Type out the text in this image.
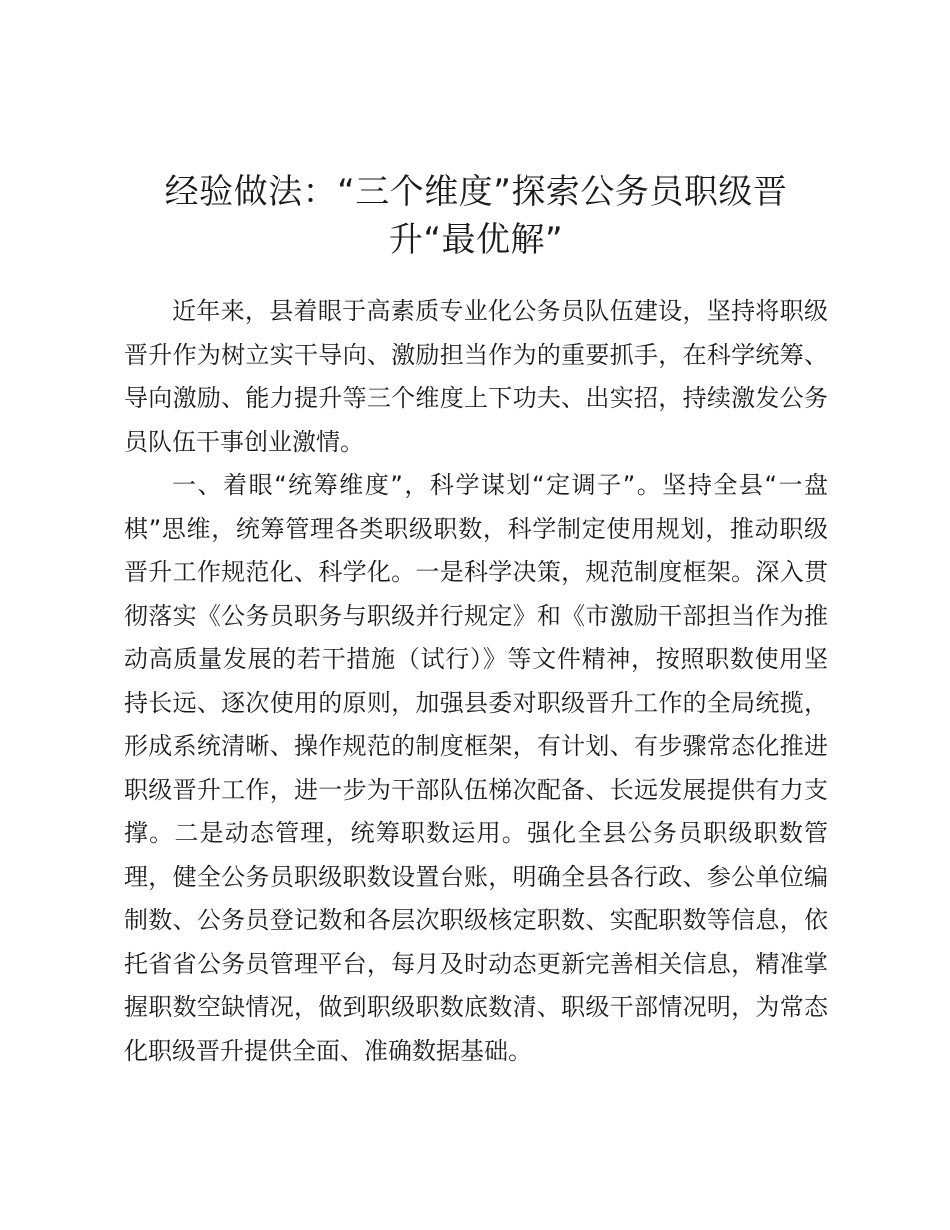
经验做法：“三个维度”探索公务员职级晋升“最优解”

近年来，县着眼于高素质专业化公务员队伍建设，坚持将职级晋升作为树立实干导向、激励担当作为的重要抓手，在科学统筹、导向激励、能力提升等三个维度上下功夫、出实招，持续激发公务员队伍干事创业激情。

一、着眼“统筹维度”，科学谋划“定调子”。坚持全县“一盘棋”思维，统筹管理各类职级职数，科学制定使用规划，推动职级晋升工作规范化、科学化。一是科学决策，规范制度框架。深入贯彻落实《公务员职务与职级并行规定》和《市激励干部担当作为推动高质量发展的若干措施（试行）》等文件精神，按照职数使用坚持长远、逐次使用的原则，加强县委对职级晋升工作的全局统揽，形成系统清晰、操作规范的制度框架，有计划、有步骤常态化推进职级晋升工作，进一步为干部队伍梯次配备、长远发展提供有力支撑。二是动态管理，统筹职数运用。强化全县公务员职级职数管理，健全公务员职级职数设置台账，明确全县各行政、参公单位编制数、公务员登记数和各层次职级核定职数、实配职数等信息，依托省省公务员管理平台，每月及时动态更新完善相关信息，精准掌握职数空缺情况，做到职级职数底数清、职级干部情况明，为常态化职级晋升提供全面、准确数据基础。
